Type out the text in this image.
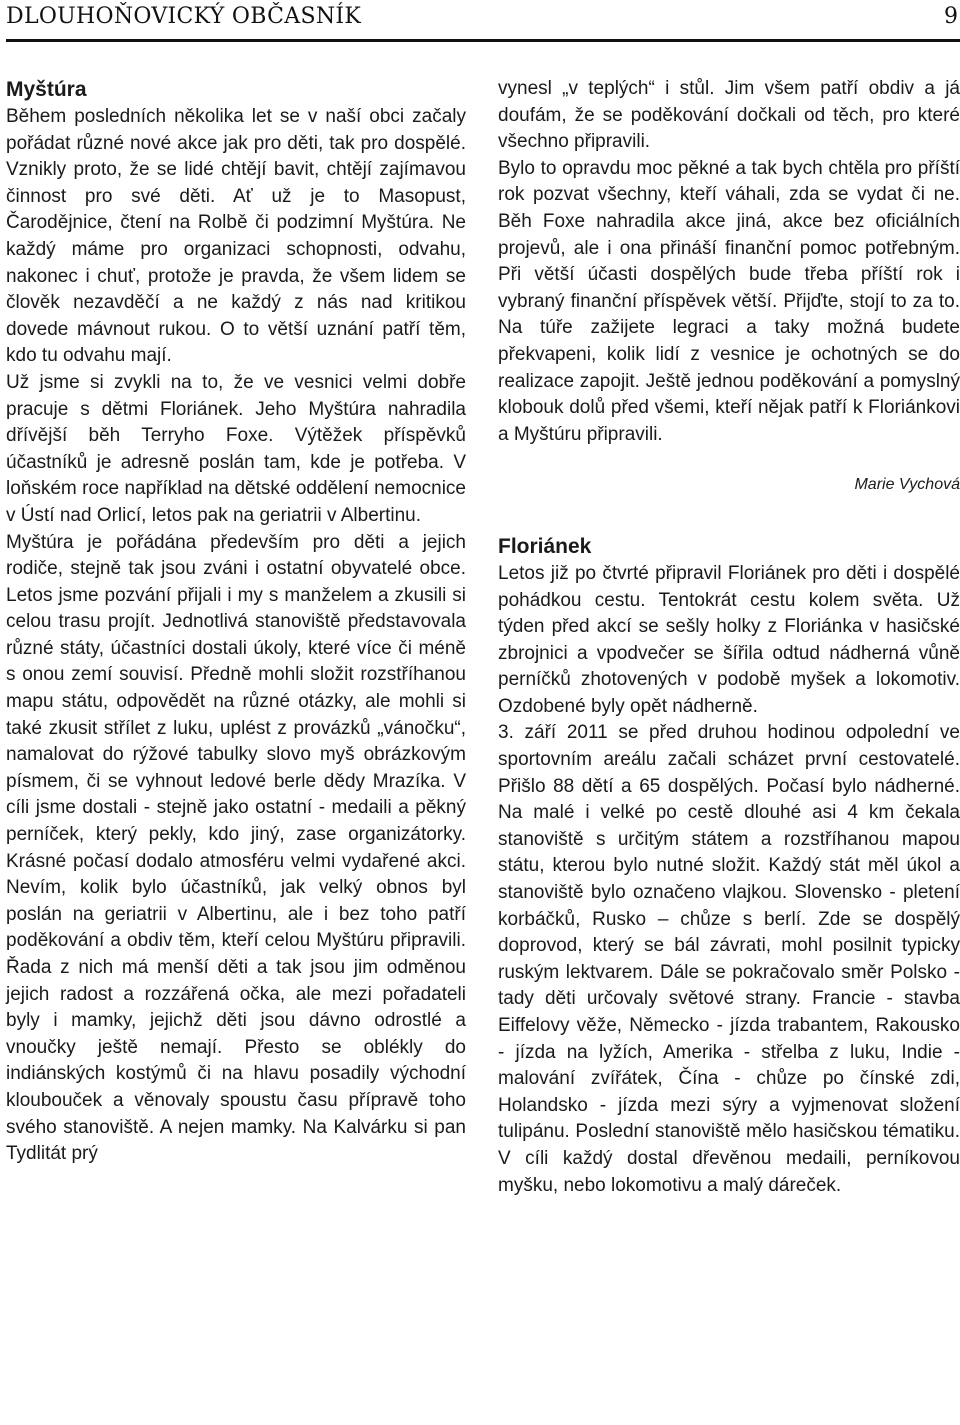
DLOUHOŇOVICKÝ OBČASNÍK	9

Myštúra

Během posledních několika let se v naší obci začaly pořádat různé nové akce jak pro děti, tak pro dospělé. Vznikly proto, že se lidé chtějí bavit, chtějí zajímavou činnost pro své děti. Ať už je to Masopust, Čarodějnice, čtení na Rolbě či podzimní Myštúra. Ne každý máme pro organizaci schopnosti, odvahu, nakonec i chuť, protože je pravda, že všem lidem se člověk nezavděčí a ne každý z nás nad kritikou dovede mávnout rukou. O to větší uznání patří těm, kdo tu odvahu mají.

Už jsme si zvykli na to, že ve vesnici velmi dobře pracuje s dětmi Floriánek. Jeho Myštúra nahradila dřívější běh Terryho Foxe. Výtěžek příspěvků účastníků je adresně poslán tam, kde je potřeba. V loňském roce například na dětské oddělení nemocnice v Ústí nad Orlicí, letos pak na geriatrii v Albertinu.

Myštúra je pořádána především pro děti a jejich rodiče, stejně tak jsou zváni i ostatní obyvatelé obce. Letos jsme pozvání přijali i my s manželem a zkusili si celou trasu projít. Jednotlivá stanoviště představovala různé státy, účastníci dostali úkoly, které více či méně s onou zemí souvisí. Předně mohli složit rozstříhanou mapu státu, odpovědět na různé otázky, ale mohli si také zkusit střílet z luku, uplést z provázků „vánočku“, namalovat do rýžové tabulky slovo myš obrázkovým písmem, či se vyhnout ledové berle dědy Mrazíka. V cíli jsme dostali - stejně jako ostatní - medaili a pěkný perníček, který pekly, kdo jiný, zase organizátorky. Krásné počasí dodalo atmosféru velmi vydařené akci. Nevím, kolik bylo účastníků, jak velký obnos byl poslán na geriatrii v Albertinu, ale i bez toho patří poděkování a obdiv těm, kteří celou Myštúru připravili. Řada z nich má menší děti a tak jsou jim odměnou jejich radost a rozzářená očka, ale mezi pořadateli byly i mamky, jejichž děti jsou dávno odrostlé a vnoučky ještě nemají. Přesto se oblékly do indiánských kostýmů či na hlavu posadily východní kloubouček a věnovaly spoustu času přípravě toho svého stanoviště. A nejen mamky. Na Kalvárku si pan Tydlitát prý

vynesl „v teplých“ i stůl. Jim všem patří obdiv a já doufám, že se poděkování dočkali od těch, pro které všechno připravili.

Bylo to opravdu moc pěkné a tak bych chtěla pro příští rok pozvat všechny, kteří váhali, zda se vydat či ne. Běh Foxe nahradila akce jiná, akce bez oficiálních projevů, ale i ona přináší finanční pomoc potřebným. Při větší účasti dospělých bude třeba příští rok i vybraný finanční příspěvek větší. Přijďte, stojí to za to. Na túře zažijete legraci a taky možná budete překvapeni, kolik lidí z vesnice je ochotných se do realizace zapojit. Ještě jednou poděkování a pomyslný klobouk dolů před všemi, kteří nějak patří k Floriánkovi a Myštúru připravili.

Marie Vychová

Floriánek

Letos již po čtvrté připravil Floriánek pro děti i dospělé pohádkou cestu. Tentokrát cestu kolem světa. Už týden před akcí se sešly holky z Floriánka v hasičské zbrojnici a vpodvečer se šířila odtud nádherná vůně perníčků zhotovených v podobě myšek a lokomotiv. Ozdobené byly opět nádherně.

3. září 2011 se před druhou hodinou odpolední ve sportovním areálu začali scházet první cestovatelé. Přišlo 88 dětí a 65 dospělých. Počasí bylo nádherné. Na malé i velké po cestě dlouhé asi 4 km čekala stanoviště s určitým státem a rozstříhanou mapou státu, kterou bylo nutné složit. Každý stát měl úkol a stanoviště bylo označeno vlajkou. Slovensko - pletení korbáčků, Rusko – chůze s berlí. Zde se dospělý doprovod, který se bál závrati, mohl posilnit typicky ruským lektvarem. Dále se pokračovalo směr Polsko - tady děti určovaly světové strany. Francie - stavba Eiffelovy věže, Německo - jízda trabantem, Rakousko - jízda na lyžích, Amerika - střelba z luku, Indie - malování zvířátek, Čína - chůze po čínské zdi, Holandsko - jízda mezi sýry a vyjmenovat složení tulipánu. Poslední stanoviště mělo hasičskou tématiku. V cíli každý dostal dřevěnou medaili, perníkovou myšku, nebo lokomotivu a malý dáreček.
